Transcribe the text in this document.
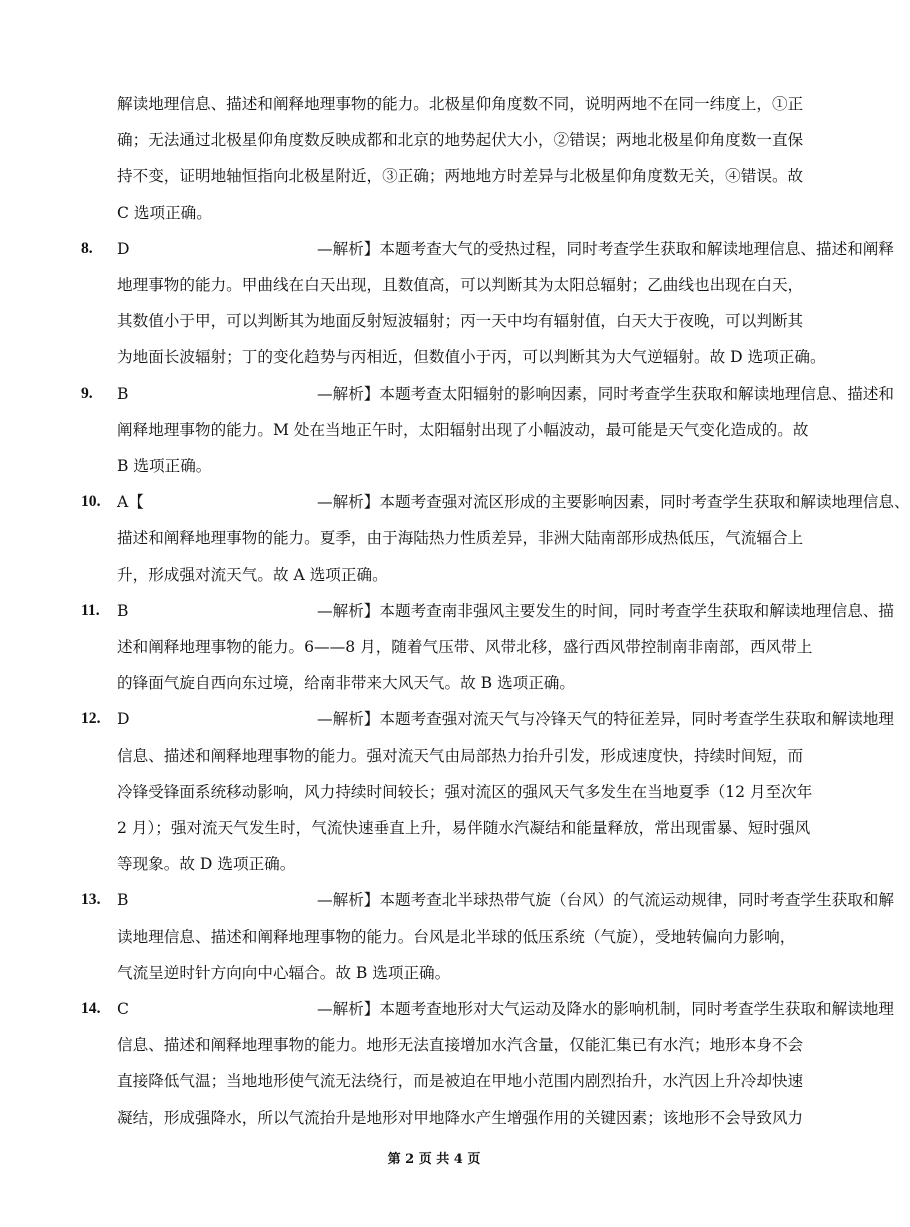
解读地理信息、描述和阐释地理事物的能力。北极星仰角度数不同，说明两地不在同一纬度上，①正
确；无法通过北极星仰角度数反映成都和北京的地势起伏大小，②错误；两地北极星仰角度数一直保
持不变，证明地轴恒指向北极星附近，③正确；两地地方时差异与北极星仰角度数无关，④错误。故
C 选项正确。
8. D	—解析】本题考查大气的受热过程，同时考查学生获取和解读地理信息、描述和阐释
地理事物的能力。甲曲线在白天出现，且数值高，可以判断其为太阳总辐射；乙曲线也出现在白天，
其数值小于甲，可以判断其为地面反射短波辐射；丙一天中均有辐射值，白天大于夜晚，可以判断其
为地面长波辐射；丁的变化趋势与丙相近，但数值小于丙，可以判断其为大气逆辐射。故 D 选项正确。
9. B	—解析】本题考查太阳辐射的影响因素，同时考查学生获取和解读地理信息、描述和
阐释地理事物的能力。M 处在当地正午时，太阳辐射出现了小幅波动，最可能是天气变化造成的。故
B 选项正确。
10. A【	—解析】本题考查强对流区形成的主要影响因素，同时考查学生获取和解读地理信息、
描述和阐释地理事物的能力。夏季，由于海陆热力性质差异，非洲大陆南部形成热低压，气流辐合上
升，形成强对流天气。故 A 选项正确。
11. B	—解析】本题考查南非强风主要发生的时间，同时考查学生获取和解读地理信息、描
述和阐释地理事物的能力。6——8 月，随着气压带、风带北移，盛行西风带控制南非南部，西风带上
的锋面气旋自西向东过境，给南非带来大风天气。故 B 选项正确。
12. D	—解析】本题考查强对流天气与冷锋天气的特征差异，同时考查学生获取和解读地理
信息、描述和阐释地理事物的能力。强对流天气由局部热力抬升引发，形成速度快，持续时间短，而
冷锋受锋面系统移动影响，风力持续时间较长；强对流区的强风天气多发生在当地夏季（12 月至次年
2 月）；强对流天气发生时，气流快速垂直上升，易伴随水汽凝结和能量释放，常出现雷暴、短时强风
等现象。故 D 选项正确。
13. B	—解析】本题考查北半球热带气旋（台风）的气流运动规律，同时考查学生获取和解
读地理信息、描述和阐释地理事物的能力。台风是北半球的低压系统（气旋），受地转偏向力影响，
气流呈逆时针方向向中心辐合。故 B 选项正确。
14. C	—解析】本题考查地形对大气运动及降水的影响机制，同时考查学生获取和解读地理
信息、描述和阐释地理事物的能力。地形无法直接增加水汽含量，仅能汇集已有水汽；地形本身不会
直接降低气温；当地地形使气流无法绕行，而是被迫在甲地小范围内剧烈抬升，水汽因上升冷却快速
凝结，形成强降水，所以气流抬升是地形对甲地降水产生增强作用的关键因素；该地形不会导致风力
第 2 页 共 4 页
